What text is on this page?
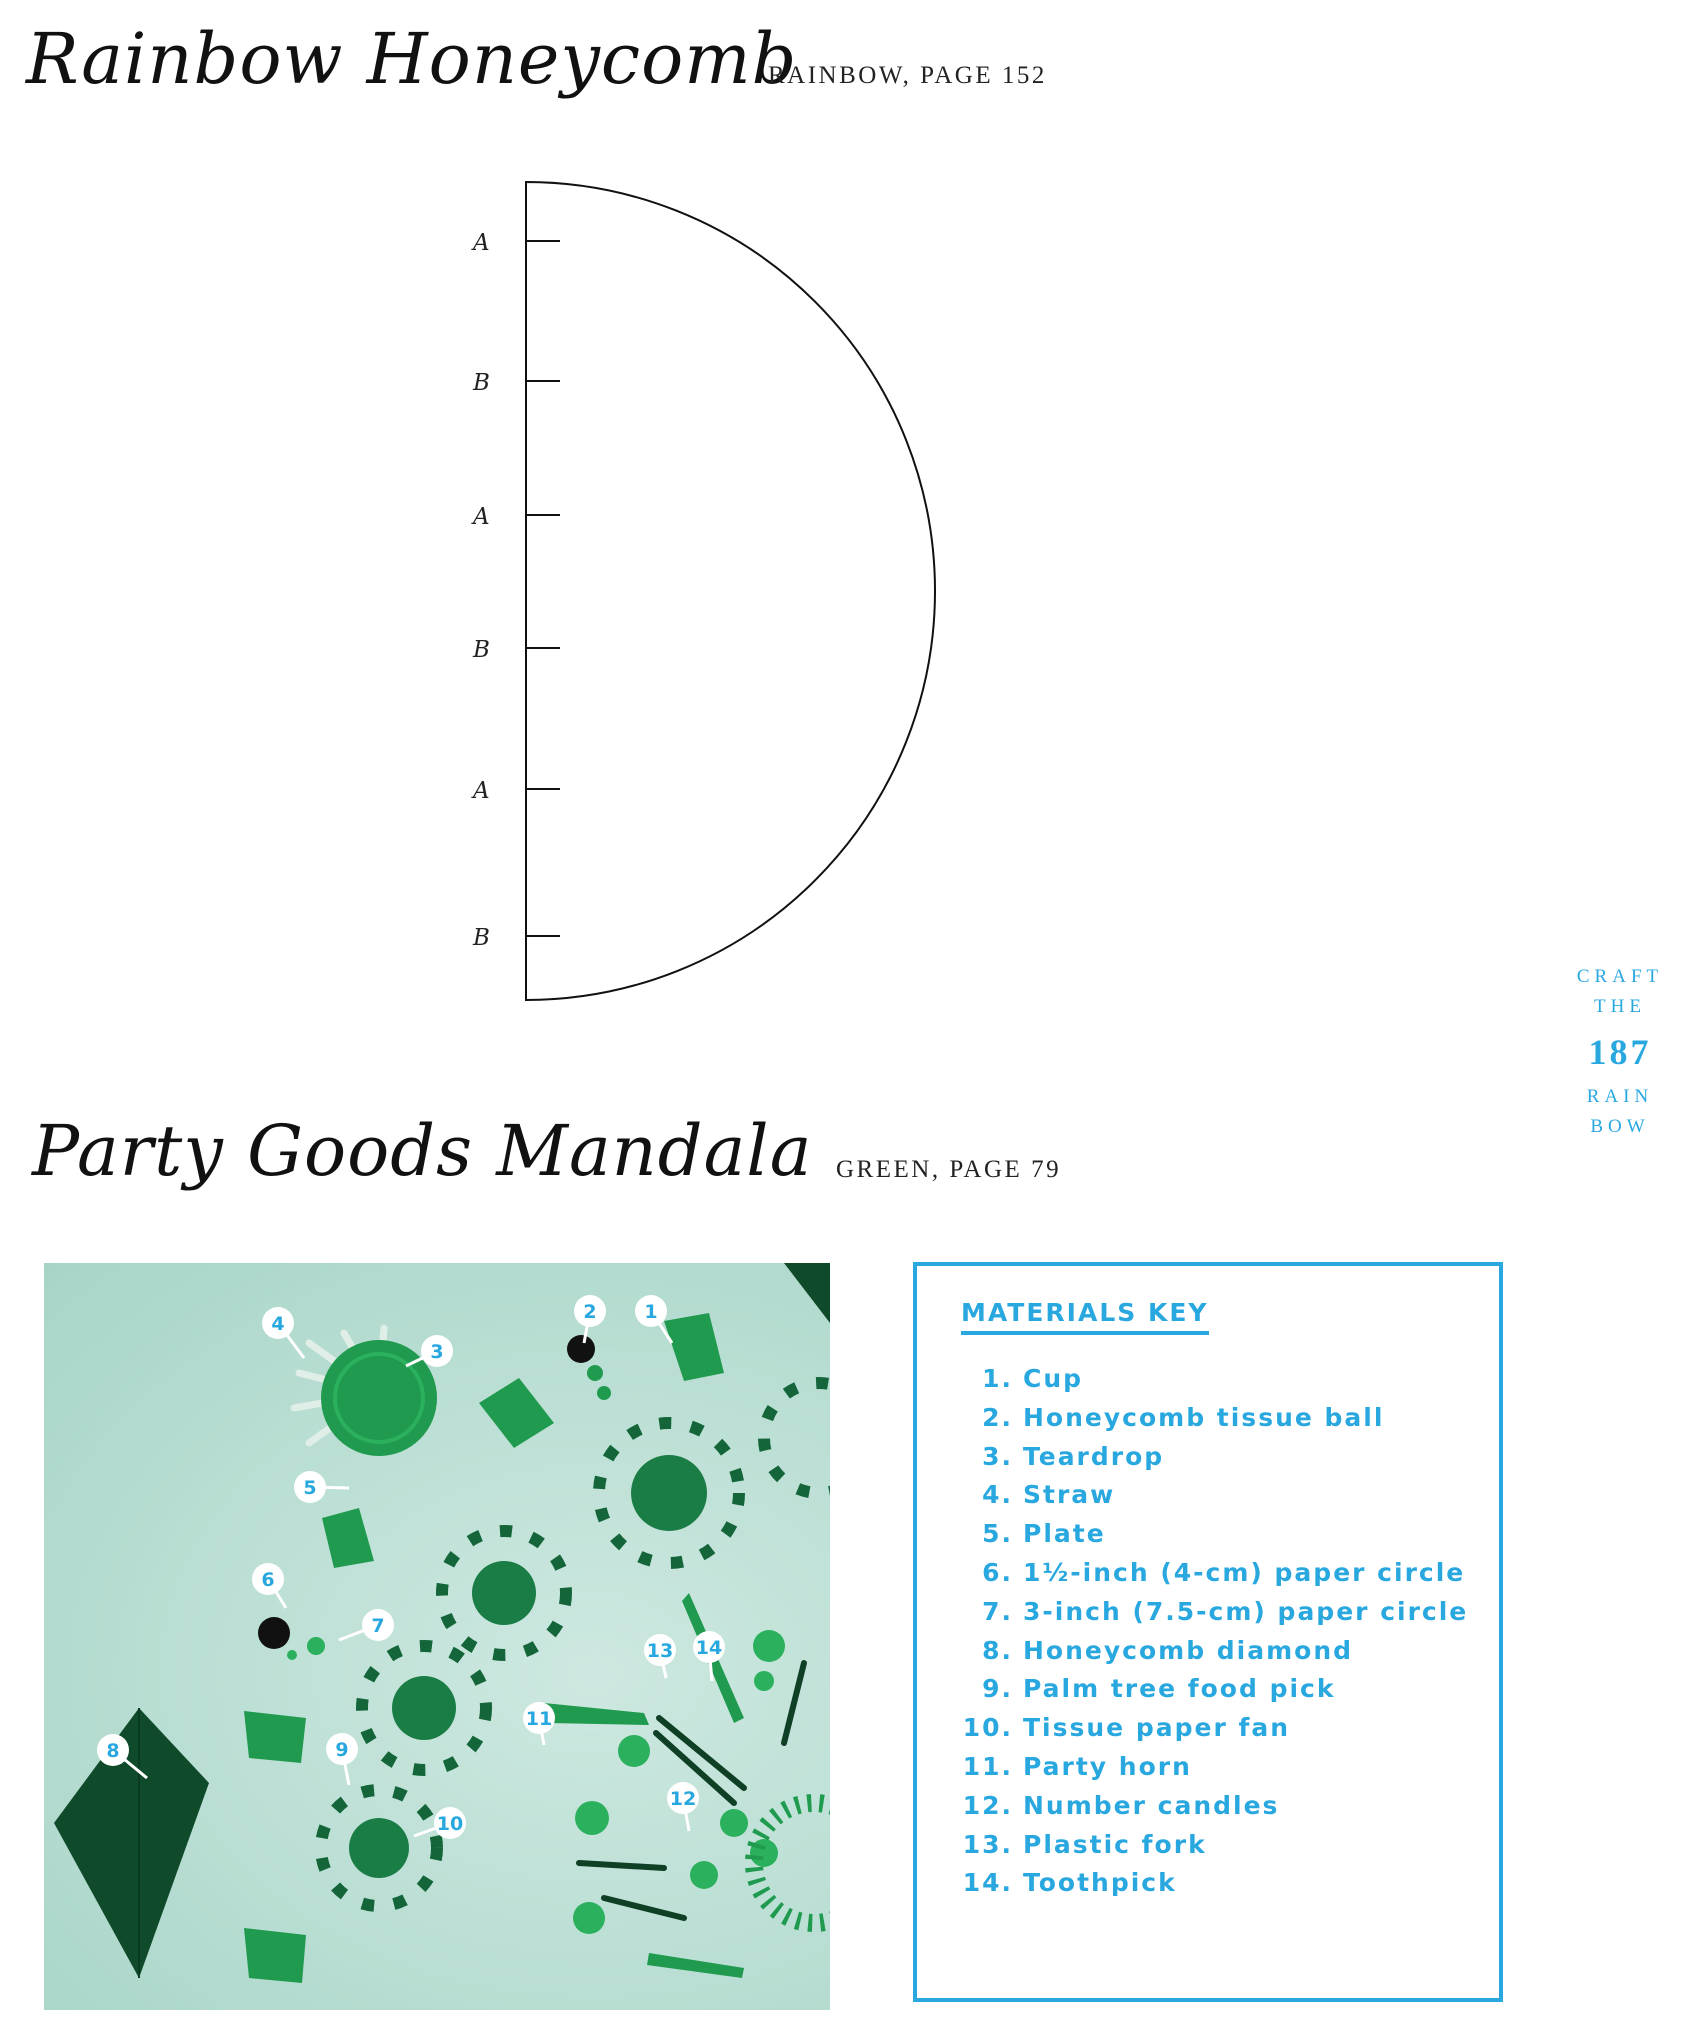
Rainbow Honeycomb
RAINBOW, PAGE 152
A
B
A
B
A
B
CRAFT
THE
187
RAIN
BOW
Party Goods Mandala GREEN, PAGE 79
1
2
3
4
5
6
7
8	9
10
11
12
13 14
MATERIALS KEY
1. Cup
2. Honeycomb tissue ball
3. Teardrop
4. Straw
5. Plate
6. 1½-inch (4-cm) paper circle
7. 3-inch (7.5-cm) paper circle
8. Honeycomb diamond
9. Palm tree food pick
10. Tissue paper fan
11. Party horn
12. Number candles
13. Plastic fork
14. Toothpick
